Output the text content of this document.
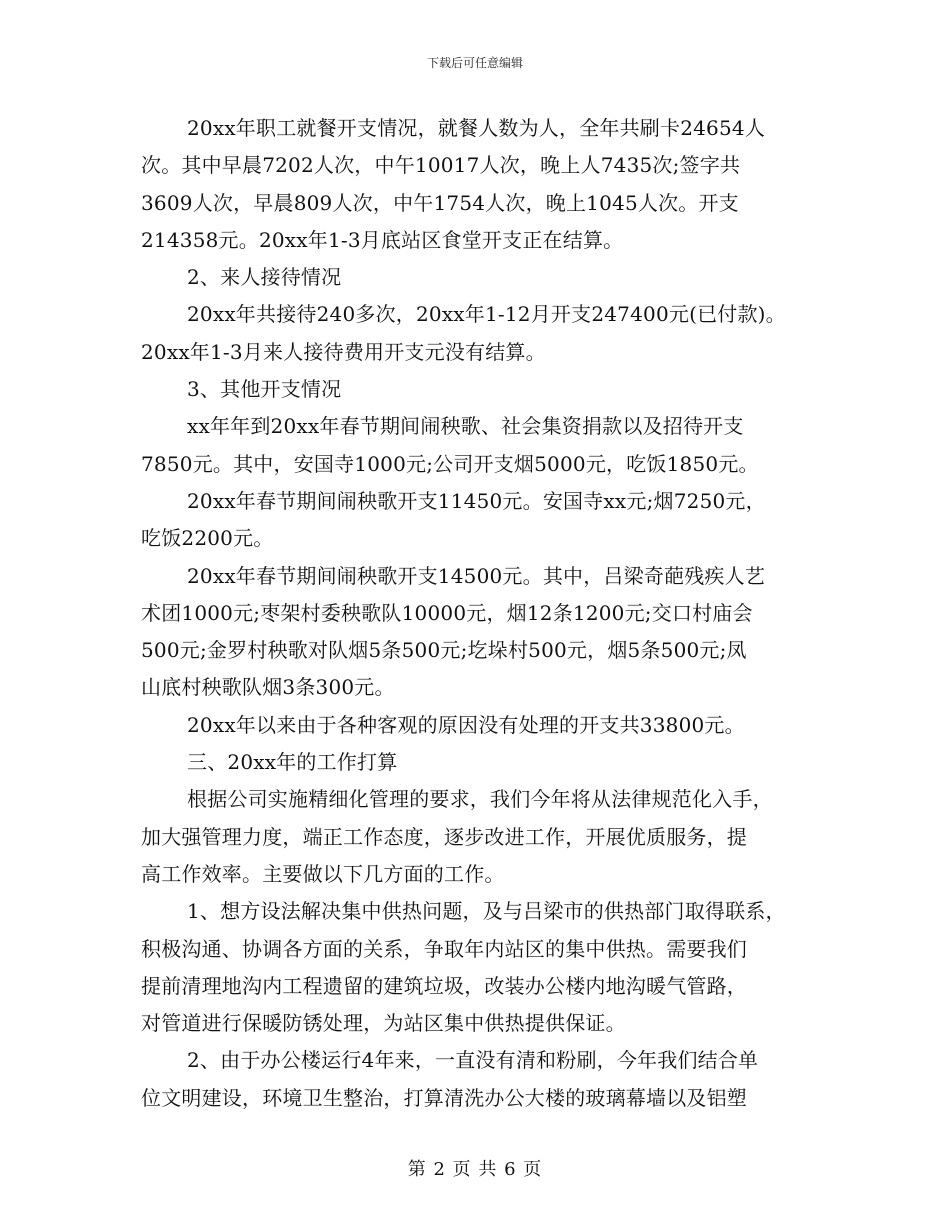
下载后可任意编辑
20xx年职工就餐开支情况，就餐人数为人，全年共刷卡24654人
次。其中早晨7202人次，中午10017人次，晚上人7435次;签字共
3609人次，早晨809人次，中午1754人次，晚上1045人次。开支
214358元。20xx年1-3月底站区食堂开支正在结算。
2、来人接待情况
20xx年共接待240多次，20xx年1-12月开支247400元(已付款)。
20xx年1-3月来人接待费用开支元没有结算。
3、其他开支情况
xx年年到20xx年春节期间闹秧歌、社会集资捐款以及招待开支
7850元。其中，安国寺1000元;公司开支烟5000元，吃饭1850元。
20xx年春节期间闹秧歌开支11450元。安国寺xx元;烟7250元，
吃饭2200元。
20xx年春节期间闹秧歌开支14500元。其中，吕梁奇葩残疾人艺
术团1000元;枣架村委秧歌队10000元，烟12条1200元;交口村庙会
500元;金罗村秧歌对队烟5条500元;圪垛村500元，烟5条500元;凤
山底村秧歌队烟3条300元。
20xx年以来由于各种客观的原因没有处理的开支共33800元。
三、20xx年的工作打算
根据公司实施精细化管理的要求，我们今年将从法律规范化入手，
加大强管理力度，端正工作态度，逐步改进工作，开展优质服务，提
高工作效率。主要做以下几方面的工作。
1、想方设法解决集中供热问题，及与吕梁市的供热部门取得联系，
积极沟通、协调各方面的关系，争取年内站区的集中供热。需要我们
提前清理地沟内工程遗留的建筑垃圾，改装办公楼内地沟暖气管路，
对管道进行保暖防锈处理，为站区集中供热提供保证。
2、由于办公楼运行4年来，一直没有清和粉刷，今年我们结合单
位文明建设，环境卫生整治，打算清洗办公大楼的玻璃幕墙以及铝塑
第 2 页 共 6 页
